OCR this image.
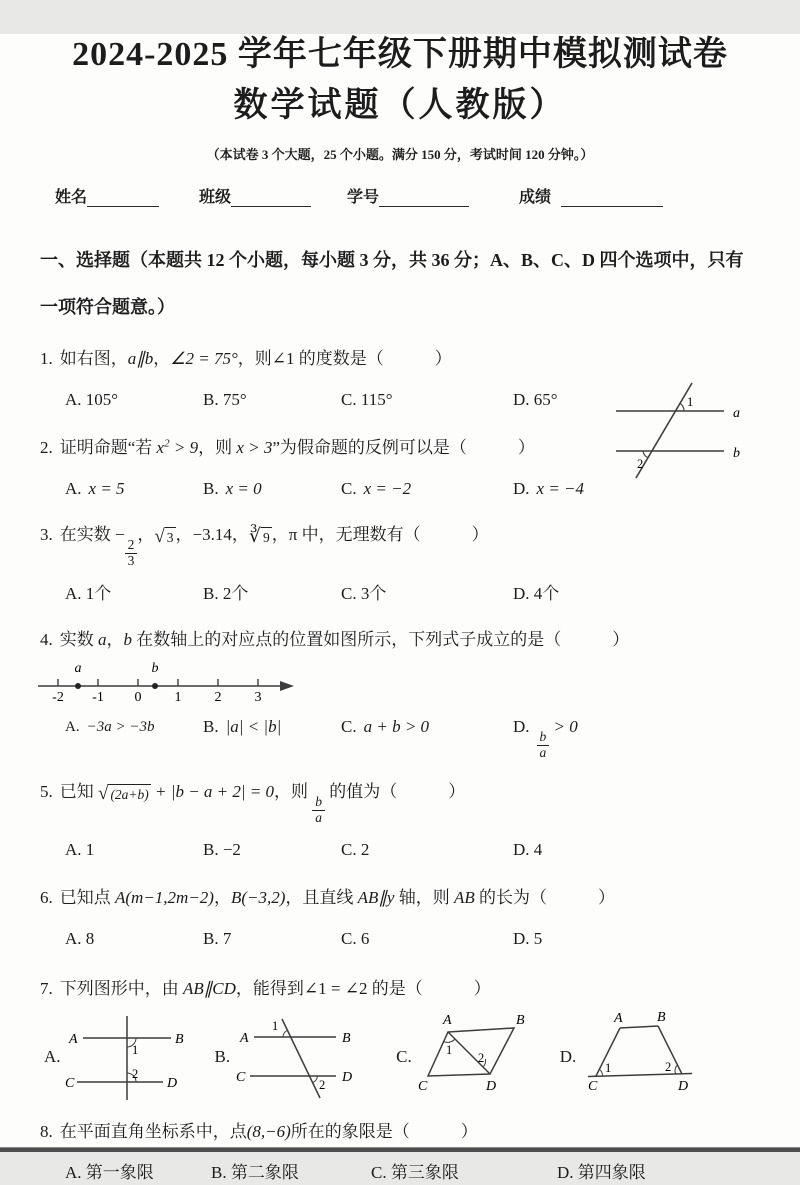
2024-2025 学年七年级下册期中模拟测试卷
数学试题（人教版）
（本试卷 3 个大题，25 个小题。满分 150 分，考试时间 120 分钟。）
姓名	班级	学号	成绩
一、选择题（本题共 12 个小题，每小题 3 分，共 36 分；A、B、C、D 四个选项中，只有一项符合题意。）
1. 如右图，a∥b，∠2 = 75°，则∠1 的度数是（　　　）
A. 105°	B. 75°	C. 115°	D. 65°
a
b
1
2
2. 证明命题“若 $x^2 > 9$，则 x > 3”为假命题的反例可以是（　　　）
A. x = 5	B. x = 0	C. x = −2	D. x = −4
3. 在实数 −
$\frac{2}{3}$
， √ 3 ，−3.14， ∛ 9 ，π 中，无理数有（　　　）
A. 1个	B. 2个	C. 3个	D. 4个
4. 实数 a，b 在数轴上的对应点的位置如图所示，下列式子成立的是（　　　）
a	b
-2 -1 0 1 2 3
A. −3a > −3b	B. |a| < |b|	C. a + b > 0	D.
$\frac{b}{a}$
> 0
5. 已知 √ (2a+b) + |b − a + 2| = 0，则
$\frac{b}{a}$
的值为（　　　）
A. 1	B. −2	C. 2	D. 4
6. 已知点 A(m−1,2m−2)，B(−3,2)，且直线 AB∥y 轴，则 AB 的长为（　　　）
A. 8	B. 7	C. 6	D. 5
7. 下列图形中，由 AB∥CD，能得到∠1 = ∠2 的是（　　　）
A.
A	B
C	D
1
2
B.
A	B
C	D
1
2
C.
A	B
C	D
1
2	D.
A B
C	D
1	2
8. 在平面直角坐标系中，点(8,−6)所在的象限是（　　　）
A. 第一象限	B. 第二象限	C. 第三象限	D. 第四象限
